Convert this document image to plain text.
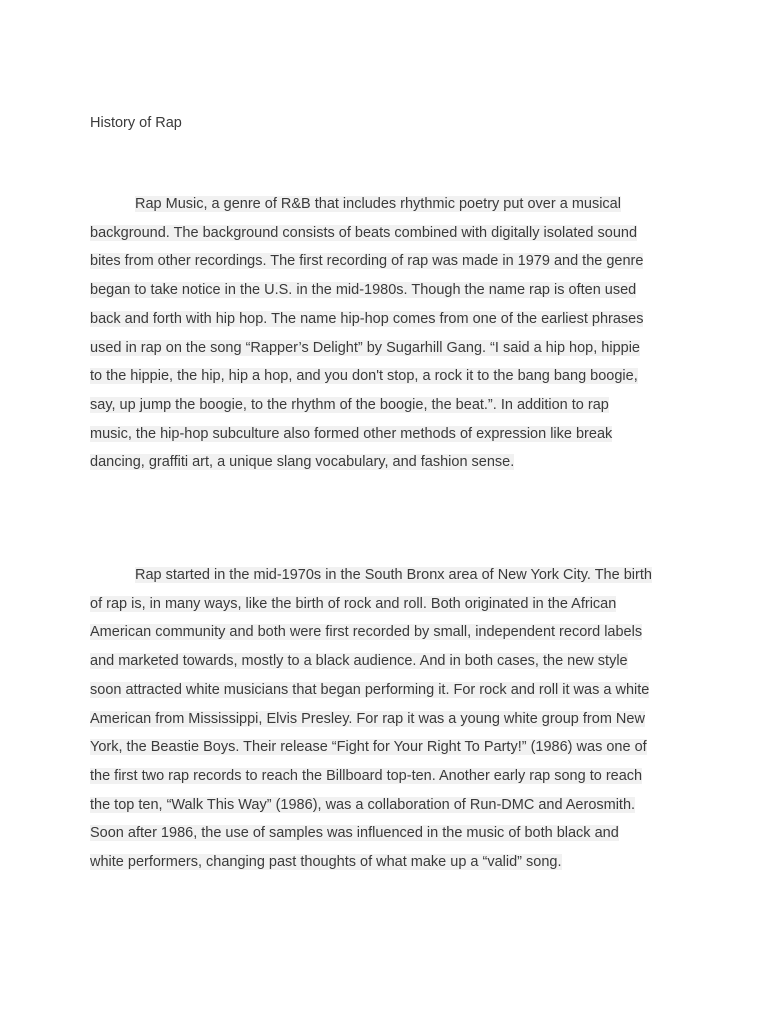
History of Rap

Rap Music, a genre of R&B that includes rhythmic poetry put over a musical
background. The background consists of beats combined with digitally isolated sound
bites from other recordings. The first recording of rap was made in 1979 and the genre
began to take notice in the U.S. in the mid-1980s. Though the name rap is often used
back and forth with hip hop. The name hip-hop comes from one of the earliest phrases
used in rap on the song “Rapper’s Delight” by Sugarhill Gang. “I said a hip hop, hippie
to the hippie, the hip, hip a hop, and you don't stop, a rock it to the bang bang boogie,
say, up jump the boogie, to the rhythm of the boogie, the beat.”. In addition to rap
music, the hip-hop subculture also formed other methods of expression like break
dancing, graffiti art, a unique slang vocabulary, and fashion sense.

Rap started in the mid-1970s in the South Bronx area of New York City. The birth
of rap is, in many ways, like the birth of rock and roll. Both originated in the African
American community and both were first recorded by small, independent record labels
and marketed towards, mostly to a black audience. And in both cases, the new style
soon attracted white musicians that began performing it. For rock and roll it was a white
American from Mississippi, Elvis Presley. For rap it was a young white group from New
York, the Beastie Boys. Their release “Fight for Your Right To Party!” (1986) was one of
the first two rap records to reach the Billboard top-ten. Another early rap song to reach
the top ten, “Walk This Way” (1986), was a collaboration of Run-DMC and Aerosmith.
Soon after 1986, the use of samples was influenced in the music of both black and
white performers, changing past thoughts of what make up a “valid” song.
